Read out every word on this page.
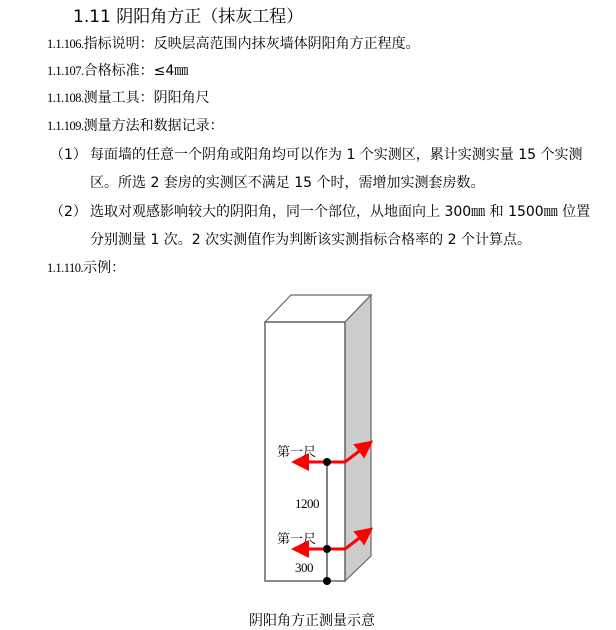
1.11 阴阳角方正（抹灰工程）
1.1.106.指标说明：反映层高范围内抹灰墙体阴阳角方正程度。
1.1.107.合格标准：≤4㎜
1.1.108.测量工具：阴阳角尺
1.1.109.测量方法和数据记录：
（1） 每面墙的任意一个阴角或阳角均可以作为 1 个实测区，累计实测实量 15 个实测
区。所选 2 套房的实测区不满足 15 个时，需增加实测套房数。
（2） 选取对观感影响较大的阴阳角，同一个部位，从地面向上 300㎜ 和 1500㎜ 位置
分别测量 1 次。2 次实测值作为判断该实测指标合格率的 2 个计算点。
1.1.110.示例：
第一尺
第一尺
1200
300
阴阳角方正测量示意
